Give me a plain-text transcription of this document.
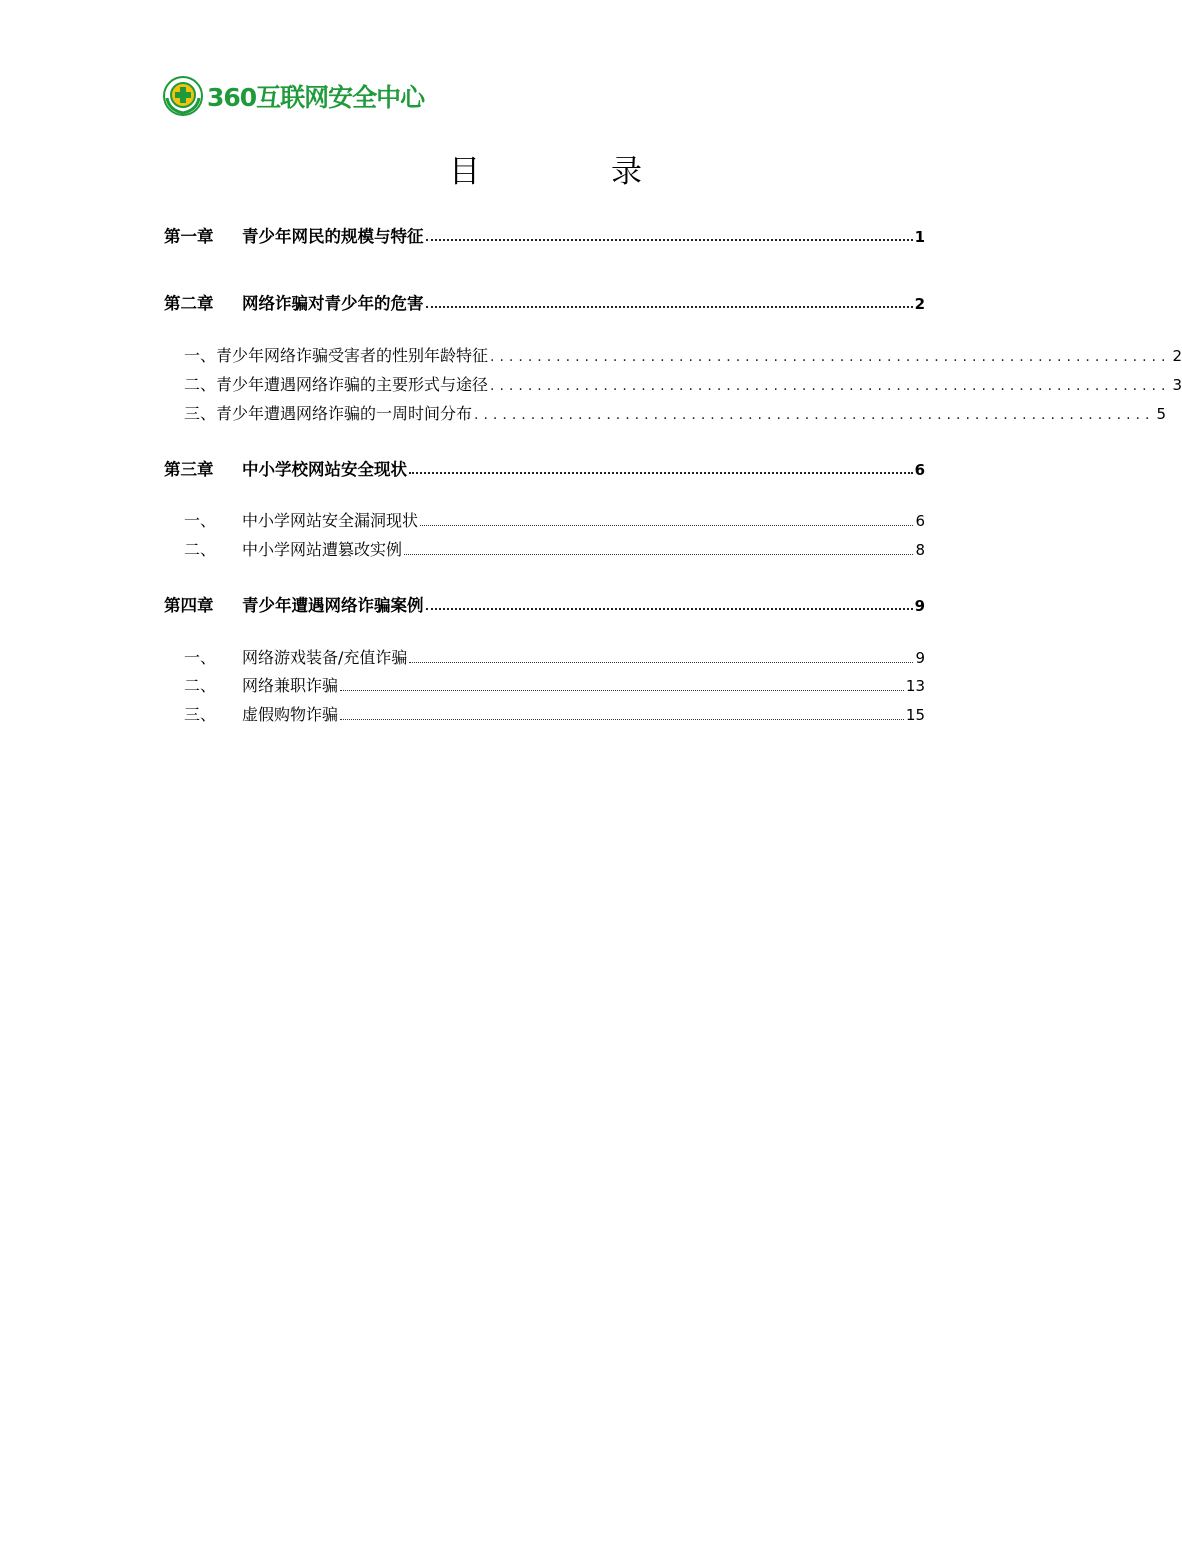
360互联网安全中心
目　录
第一章	青少年网民的规模与特征	1
第二章	网络诈骗对青少年的危害	2
一、 青少年网络诈骗受害者的性别年龄特征 ........................................................................ 2
二、 青少年遭遇网络诈骗的主要形式与途径 ........................................................................ 3
三、 青少年遭遇网络诈骗的一周时间分布 ........................................................................ 5
第三章	中小学校网站安全现状	6
一、	中小学网站安全漏洞现状	6
二、	中小学网站遭篡改实例	8
第四章	青少年遭遇网络诈骗案例	9
一、	网络游戏装备/充值诈骗	9
二、	网络兼职诈骗	13
三、	虚假购物诈骗	15
